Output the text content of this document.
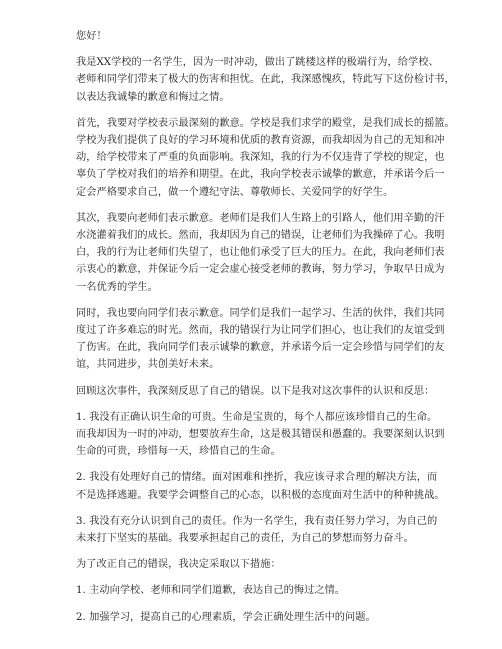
您好！

我是XX学校的一名学生，因为一时冲动，做出了跳楼这样的极端行为，给学校、
老师和同学们带来了极大的伤害和担忧。在此，我深感愧疚，特此写下这份检讨书，
以表达我诚挚的歉意和悔过之情。

首先，我要对学校表示最深刻的歉意。学校是我们求学的殿堂，是我们成长的摇篮。
学校为我们提供了良好的学习环境和优质的教育资源，而我却因为自己的无知和冲
动，给学校带来了严重的负面影响。我深知，我的行为不仅违背了学校的规定，也
辜负了学校对我们的培养和期望。在此，我向学校表示诚挚的歉意，并承诺今后一
定会严格要求自己，做一个遵纪守法、尊敬师长、关爱同学的好学生。

其次，我要向老师们表示歉意。老师们是我们人生路上的引路人，他们用辛勤的汗
水浇灌着我们的成长。然而，我却因为自己的错误，让老师们为我操碎了心。我明
白，我的行为让老师们失望了，也让他们承受了巨大的压力。在此，我向老师们表
示衷心的歉意，并保证今后一定会虚心接受老师的教诲，努力学习，争取早日成为
一名优秀的学生。

同时，我也要向同学们表示歉意。同学们是我们一起学习、生活的伙伴，我们共同
度过了许多难忘的时光。然而，我的错误行为让同学们担心，也让我们的友谊受到
了伤害。在此，我向同学们表示诚挚的歉意，并承诺今后一定会珍惜与同学们的友
谊，共同进步，共创美好未来。

回顾这次事件，我深刻反思了自己的错误。以下是我对这次事件的认识和反思：

1. 我没有正确认识生命的可贵。生命是宝贵的，每个人都应该珍惜自己的生命。
而我却因为一时的冲动，想要放弃生命，这是极其错误和愚蠢的。我要深刻认识到
生命的可贵，珍惜每一天，珍惜自己的生命。

2. 我没有处理好自己的情绪。面对困难和挫折，我应该寻求合理的解决方法，而
不是选择逃避。我要学会调整自己的心态，以积极的态度面对生活中的种种挑战。

3. 我没有充分认识到自己的责任。作为一名学生，我有责任努力学习，为自己的
未来打下坚实的基础。我要承担起自己的责任，为自己的梦想而努力奋斗。

为了改正自己的错误，我决定采取以下措施：

1. 主动向学校、老师和同学们道歉，表达自己的悔过之情。

2. 加强学习，提高自己的心理素质，学会正确处理生活中的问题。
